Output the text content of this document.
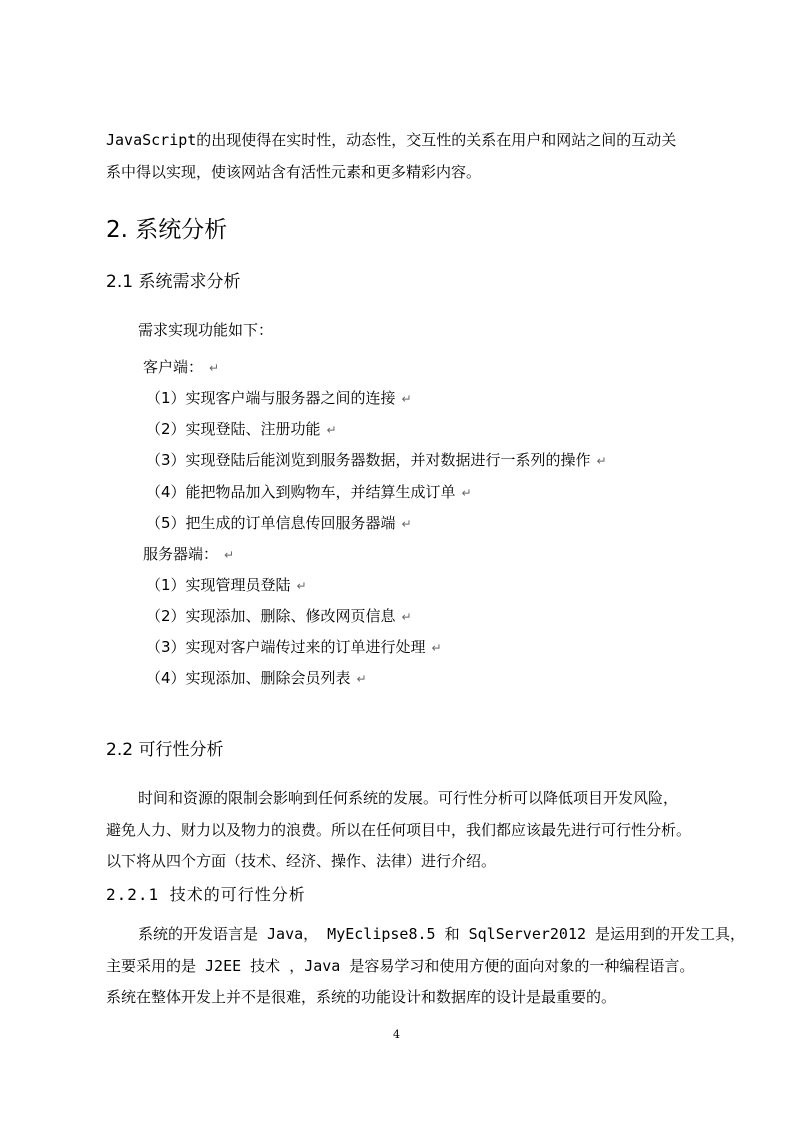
JavaScript的出现使得在实时性，动态性，交互性的关系在用户和网站之间的互动关
系中得以实现，使该网站含有活性元素和更多精彩内容。
2. 系统分析
2.1 系统需求分析
需求实现功能如下：
客户端： ↵
（1）实现客户端与服务器之间的连接 ↵
（2）实现登陆、注册功能 ↵
（3）实现登陆后能浏览到服务器数据，并对数据进行一系列的操作 ↵
（4）能把物品加入到购物车，并结算生成订单 ↵
（5）把生成的订单信息传回服务器端 ↵
服务器端： ↵
（1）实现管理员登陆 ↵
（2）实现添加、删除、修改网页信息 ↵
（3）实现对客户端传过来的订单进行处理 ↵
（4）实现添加、删除会员列表 ↵
2.2 可行性分析
时间和资源的限制会影响到任何系统的发展。可行性分析可以降低项目开发风险，
避免人力、财力以及物力的浪费。所以在任何项目中，我们都应该最先进行可行性分析。
以下将从四个方面（技术、经济、操作、法律）进行介绍。
2.2.1 技术的可行性分析
系统的开发语言是 Java， MyEclipse8.5 和 SqlServer2012 是运用到的开发工具，
主要采用的是 J2EE 技术 ，Java 是容易学习和使用方便的面向对象的一种编程语言。
系统在整体开发上并不是很难，系统的功能设计和数据库的设计是最重要的。
4
